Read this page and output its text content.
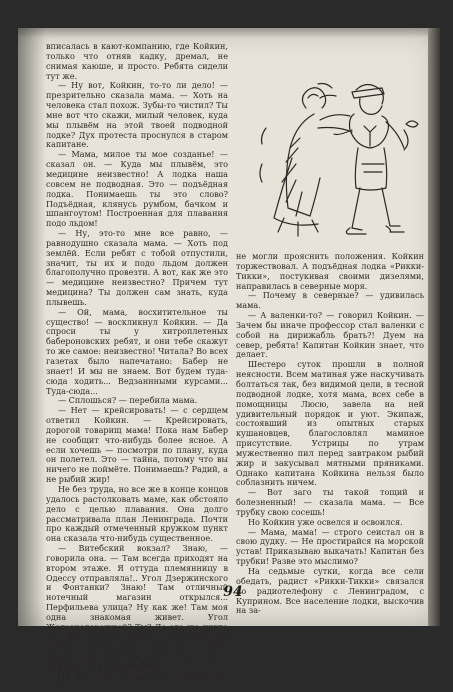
вписалась в кают-компанию, где Койкин, только что отняв кадку, дремал, не снимая каюше, и просто. Ребята сидели тут же.

— Ну вот, Койкин, то-то ли дело! — презрительно сказала мама. — Хоть на человека стал похож. Зубы-то чистил? Ты мне вот что скажи, милый человек, куда мы плывём на этой твоей подводной лодке? Дух протеста проснулся в старом капитане.

— Мама, милое ты мое созданье! — сказал он. — Куда мы плывём, это медицине неизвестно! А лодка наша совсем не подводная. Это — подъёдная лодка. Понимаешь ты это слово? Подъёдная, клянусь румбом, бачком и шпангоутом! Построенная для плавания подо льдом!

— Ну, это-то мне все равно, — равнодушно сказала мама. — Хоть под землёй. Если ребят с тобой отпустили, значит, ты их и подо льдом должен благополучно провезти. А вот, как же это — медицине неизвестно? Причем тут медицина? Ты должен сам знать, куда плывешь.

— Ой, мама, восхитительное ты существо! — воскликнул Койкин. — Да спроси ты у хитроплетеных бабероновских ребят, и они тебе скажут то же самое: неизвестно! Читала? Во всех газетах было напечатано: Бабер не знает! И мы не знаем. Вот будем туда-сюда ходить... Ведзаннными курсами... Туда-сюда...

— Сплошься? — перебила мама.

— Нет — крейсировать! — с сердцем ответил Койкин. — Крейсировать, дорогой товарищ мама! Пока нам Бабер не сообщит что-нибудь более ясное. А если хочешь — посмотри по плану, куда он полетел. Это — тайна, потому что вы ничего не поймёте. Понимаешь? Радий, а не рыбий жир!

Не без труда, но все же в конце концов удалось растолковать маме, как обстояло дело с целью плавания. Она долго рассматривала план Ленинграда. Почти про каждый отмеченный кружком пункт она сказала что-нибудь существенное.

— Витебский вокзал? Знаю, — говорила она. — Там всегда приходят на втором этаже. Я оттуда племянницу в Одессу отправляла!.. Угол Дзержинского и Фонтанки? Знаю! Там отличный нотечный магазин открылся... Перфильева улица? Ну как же! Там моя одна знакомая живет. Угол Железнодорожной? Ты? Да это же никто где. За городом. Почти у Удельной. Там такой маленький скверчик. 3000 километров? Да! Она в весь-то километр не будет, эта Перфильева...

Но все эти сведения, к сожалению, тоже

не могли прояснить положения. Койкин торжествовал. А подъёдная лодка «Рикки-Тикки», постукивая своими дизелями, направилась в северные моря.

— Почему в северные? — удивилась мама.

— А валенки-то? — говорил Койкин. — Зачем бы иначе профессор стал валенки с собой на дирижабль брать?! Дуем на север, ребята! Капитан Койкин знает, что делает.

Шестеро суток прошли в полной неясности. Всем матиная уже наскучивать болтаться так, без видимой цели, в тесной подводной лодке, хотя мама, всех себе в помощницы Люсю, завела на ней удивительный порядок и уют. Экипаж, состоявший из опытных старых кушановцев, благословлял маминое присутствие. Устрицы по утрам мужественно пил перед завтраком рыбий жир и закусывал мятными пряниками. Однако капитана Койкина нельзя было соблазнить ничем.

— Вот заго ты такой тощий и болезненный! — сказала мама. — Все трубку свою сосешь!

Но Койкин уже освелся и освоился.

— Мама, мама! — строго сеистал он в свою дудку. — Не простирайся на морской устав! Приказываю выкачать! Капитан без трубки! Разве это мыслимо?

На седьмые сутки, когда все сели обедать, радист «Рикки-Тикки» связался по радиотелефону с Ленинградом, с Куприном. Все население лодки, выскочив на за-

94
